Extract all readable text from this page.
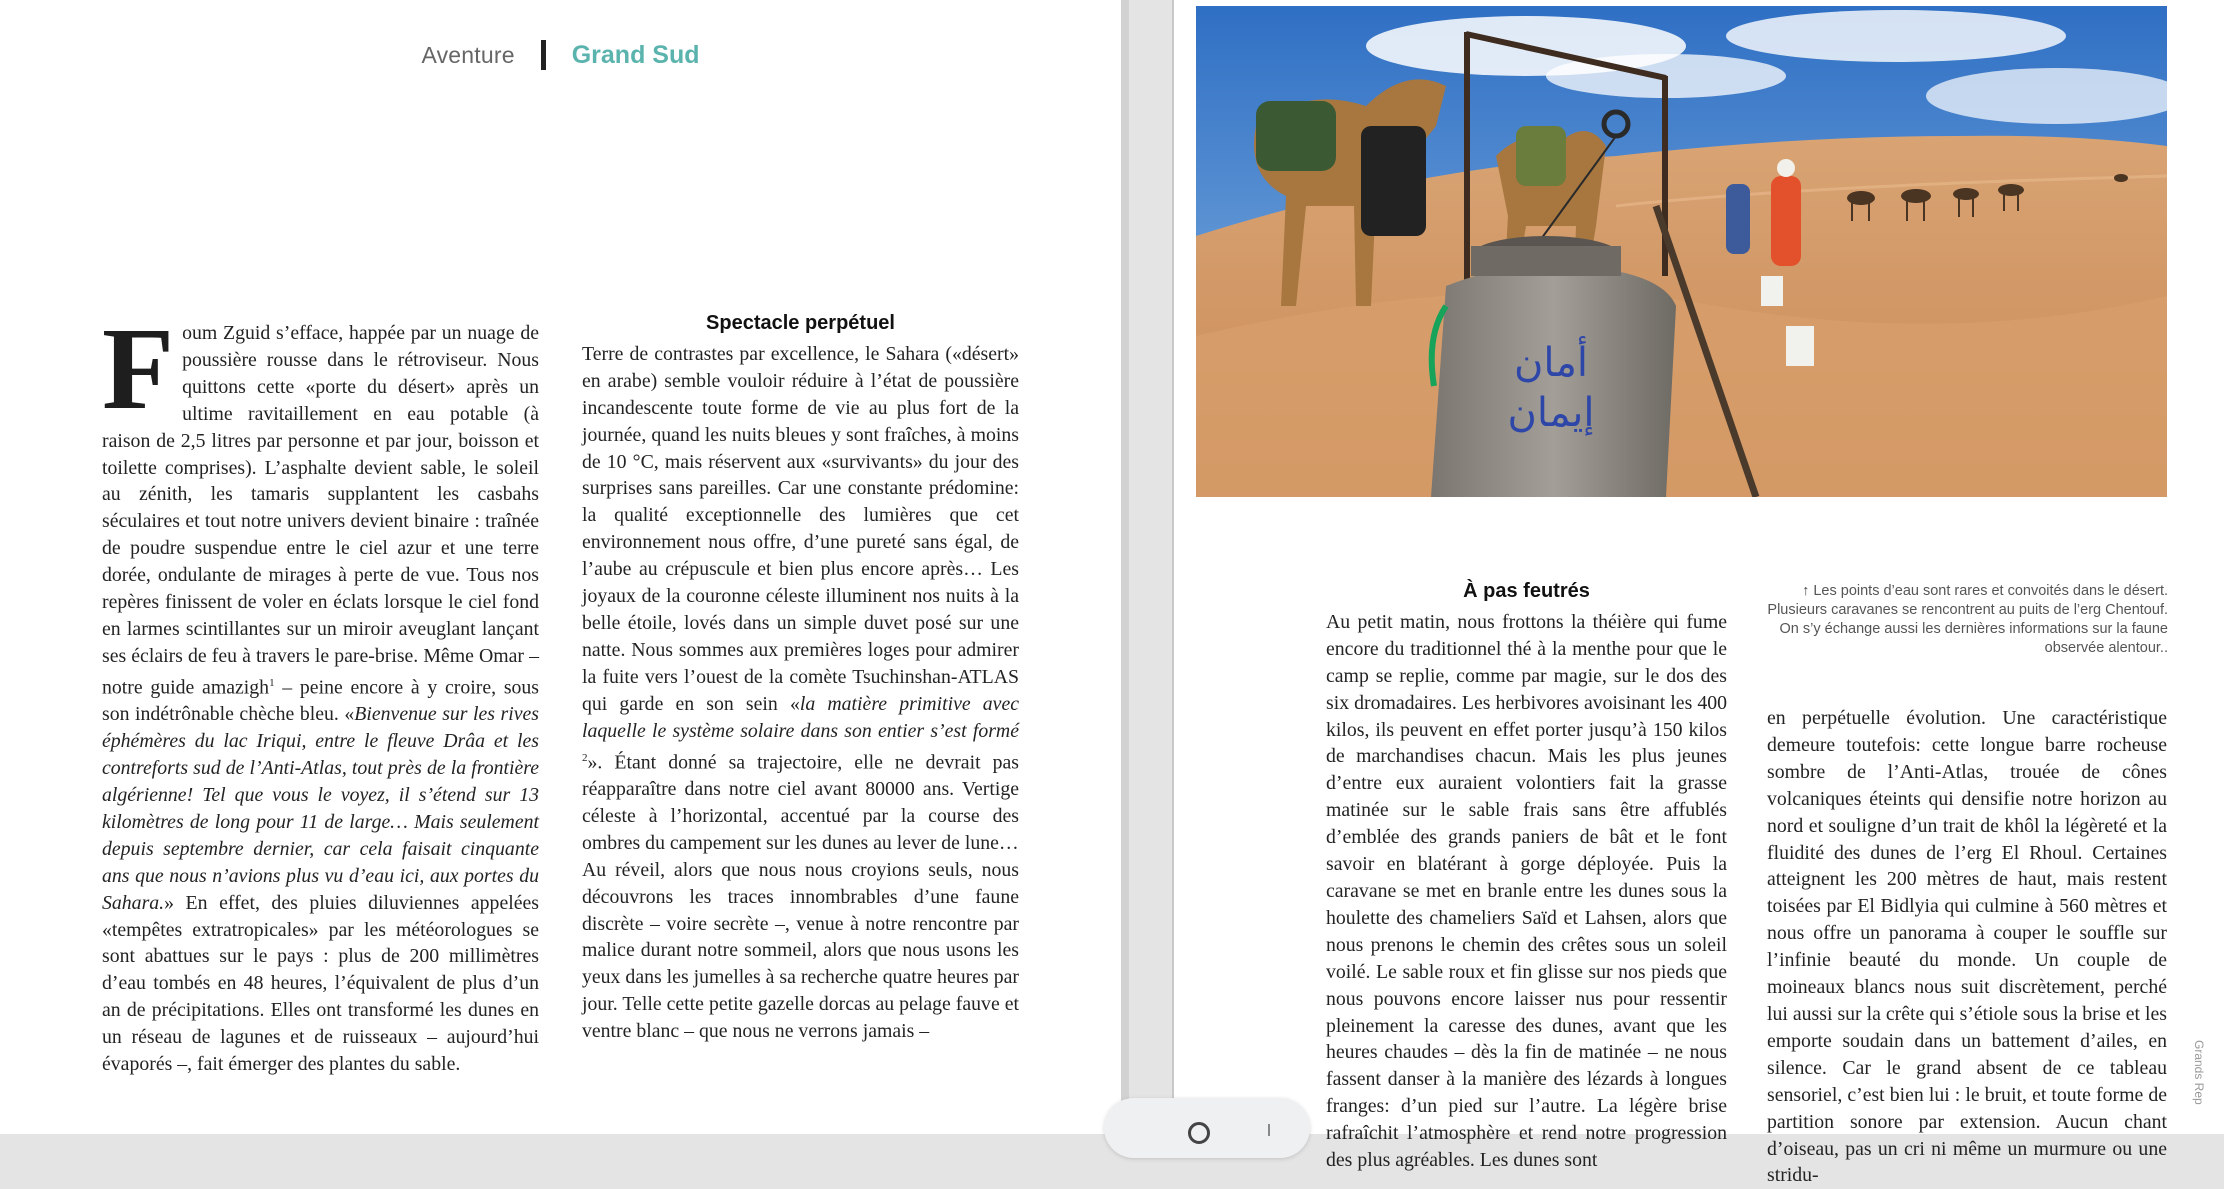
Aventure Grand Sud

Foum Zguid s’efface, happée par un nuage de poussière rousse dans le rétroviseur. Nous quittons cette «porte du désert» après un ultime ravitaillement en eau potable (à raison de 2,5 litres par personne et par jour, boisson et toilette comprises). L’asphalte devient sable, le soleil au zénith, les tamaris supplantent les casbahs séculaires et tout notre univers devient binaire : traînée de poudre suspendue entre le ciel azur et une terre dorée, ondulante de mirages à perte de vue. Tous nos repères finissent de voler en éclats lorsque le ciel fond en larmes scintillantes sur un miroir aveuglant lançant ses éclairs de feu à travers le pare-brise. Même Omar – notre guide amazigh$^1$ – peine encore à y croire, sous son indétrônable chèche bleu. «Bienvenue sur les rives éphémères du lac Iriqui, entre le fleuve Drâa et les contreforts sud de l’Anti-Atlas, tout près de la frontière algérienne! Tel que vous le voyez, il s’étend sur 13 kilomètres de long pour 11 de large… Mais seulement depuis septembre dernier, car cela faisait cinquante ans que nous n’avions plus vu d’eau ici, aux portes du Sahara.» En effet, des pluies diluviennes appelées «tempêtes extratropicales» par les météorologues se sont abattues sur le pays : plus de 200 millimètres d’eau tombés en 48 heures, l’équivalent de plus d’un an de précipitations. Elles ont transformé les dunes en un réseau de lagunes et de ruisseaux – aujourd’hui évaporés –, fait émerger des plantes du sable.

Spectacle perpétuel

Terre de contrastes par excellence, le Sahara («désert» en arabe) semble vouloir réduire à l’état de poussière incandescente toute forme de vie au plus fort de la journée, quand les nuits bleues y sont fraîches, à moins de 10 °C, mais réservent aux «survivants» du jour des surprises sans pareilles. Car une constante prédomine: la qualité exceptionnelle des lumières que cet environnement nous offre, d’une pureté sans égal, de l’aube au crépuscule et bien plus encore après… Les joyaux de la couronne céleste illuminent nos nuits à la belle étoile, lovés dans un simple duvet posé sur une natte. Nous sommes aux premières loges pour admirer la fuite vers l’ouest de la comète Tsuchinshan-ATLAS qui garde en son sein «la matière primitive avec laquelle le système solaire dans son entier s’est formé $^2$». Étant donné sa trajectoire, elle ne devrait pas réapparaître dans notre ciel avant 80000 ans. Vertige céleste à l’horizontal, accentué par la course des ombres du campement sur les dunes au lever de lune…

Au réveil, alors que nous nous croyions seuls, nous découvrons les traces innombrables d’une faune discrète – voire secrète –, venue à notre rencontre par malice durant notre sommeil, alors que nous usons les yeux dans les jumelles à sa recherche quatre heures par jour. Telle cette petite gazelle dorcas au pelage fauve et ventre blanc – que nous ne verrons jamais –

أمان
إيمان
↑ Les points d’eau sont rares et convoités dans le désert. Plusieurs caravanes se rencontrent au puits de l’erg Chentouf. On s’y échange aussi les dernières informations sur la faune observée alentour..
À pas feutrés

Au petit matin, nous frottons la théière qui fume encore du traditionnel thé à la menthe pour que le camp se replie, comme par magie, sur le dos des six dromadaires. Les herbivores avoisinant les 400 kilos, ils peuvent en effet porter jusqu’à 150 kilos de marchandises chacun. Mais les plus jeunes d’entre eux auraient volontiers fait la grasse matinée sur le sable frais sans être affublés d’emblée des grands paniers de bât et le font savoir en blatérant à gorge déployée. Puis la caravane se met en branle entre les dunes sous la houlette des chameliers Saïd et Lahsen, alors que nous prenons le chemin des crêtes sous un soleil voilé. Le sable roux et fin glisse sur nos pieds que nous pouvons encore laisser nus pour ressentir pleinement la caresse des dunes, avant que les heures chaudes – dès la fin de matinée – ne nous fassent danser à la manière des lézards à longues franges: d’un pied sur l’autre. La légère brise rafraîchit l’atmosphère et rend notre progression des plus agréables. Les dunes sont

en perpétuelle évolution. Une caractéristique demeure toutefois: cette longue barre rocheuse sombre de l’Anti-Atlas, trouée de cônes volcaniques éteints qui densifie notre horizon au nord et souligne d’un trait de khôl la légèreté et la fluidité des dunes de l’erg El Rhoul. Certaines atteignent les 200 mètres de haut, mais restent toisées par El Bidlyia qui culmine à 560 mètres et nous offre un panorama à couper le souffle sur l’infinie beauté du monde. Un couple de moineaux blancs nous suit discrètement, perché lui aussi sur la crête qui s’étiole sous la brise et les emporte soudain dans un battement d’ailes, en silence. Car le grand absent de ce tableau sensoriel, c’est bien lui : le bruit, et toute forme de partition sonore par extension. Aucun chant d’oiseau, pas un cri ni même un murmure ou une stridu-

Grands Rep
